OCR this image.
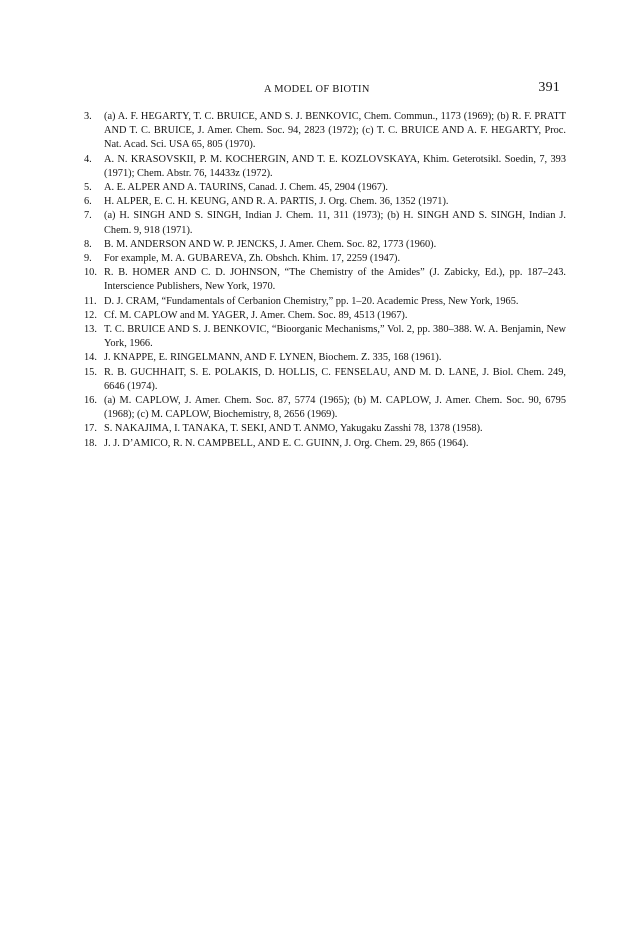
A MODEL OF BIOTIN	391
3.	(a) A. F. HEGARTY, T. C. BRUICE, AND S. J. BENKOVIC, Chem. Commun., 1173 (1969); (b) R. F. PRATT AND T. C. BRUICE, J. Amer. Chem. Soc. 94, 2823 (1972); (c) T. C. BRUICE AND A. F. HEGARTY, Proc. Nat. Acad. Sci. USA 65, 805 (1970).
4.	A. N. KRASOVSKII, P. M. KOCHERGIN, AND T. E. KOZLOVSKAYA, Khim. Geterotsikl. Soedin, 7, 393 (1971); Chem. Abstr. 76, 14433z (1972).
5.	A. E. ALPER AND A. TAURINS, Canad. J. Chem. 45, 2904 (1967).
6.	H. ALPER, E. C. H. KEUNG, AND R. A. PARTIS, J. Org. Chem. 36, 1352 (1971).
7.	(a) H. SINGH AND S. SINGH, Indian J. Chem. 11, 311 (1973); (b) H. SINGH AND S. SINGH, Indian J. Chem. 9, 918 (1971).
8.	B. M. ANDERSON AND W. P. JENCKS, J. Amer. Chem. Soc. 82, 1773 (1960).
9.	For example, M. A. GUBAREVA, Zh. Obshch. Khim. 17, 2259 (1947).
10. R. B. HOMER AND C. D. JOHNSON, “The Chemistry of the Amides” (J. Zabicky, Ed.), pp. 187–243. Interscience Publishers, New York, 1970.
11. D. J. CRAM, “Fundamentals of Cerbanion Chemistry,” pp. 1–20. Academic Press, New York, 1965.
12. Cf. M. CAPLOW and M. YAGER, J. Amer. Chem. Soc. 89, 4513 (1967).
13. T. C. BRUICE AND S. J. BENKOVIC, “Bioorganic Mechanisms,” Vol. 2, pp. 380–388. W. A. Benjamin, New York, 1966.
14. J. KNAPPE, E. RINGELMANN, AND F. LYNEN, Biochem. Z. 335, 168 (1961).
15. R. B. GUCHHAIT, S. E. POLAKIS, D. HOLLIS, C. FENSELAU, AND M. D. LANE, J. Biol. Chem. 249, 6646 (1974).
16. (a) M. CAPLOW, J. Amer. Chem. Soc. 87, 5774 (1965); (b) M. CAPLOW, J. Amer. Chem. Soc. 90, 6795 (1968); (c) M. CAPLOW, Biochemistry, 8, 2656 (1969).
17. S. NAKAJIMA, I. TANAKA, T. SEKI, AND T. ANMO, Yakugaku Zasshi 78, 1378 (1958).
18. J. J. D’AMICO, R. N. CAMPBELL, AND E. C. GUINN, J. Org. Chem. 29, 865 (1964).
